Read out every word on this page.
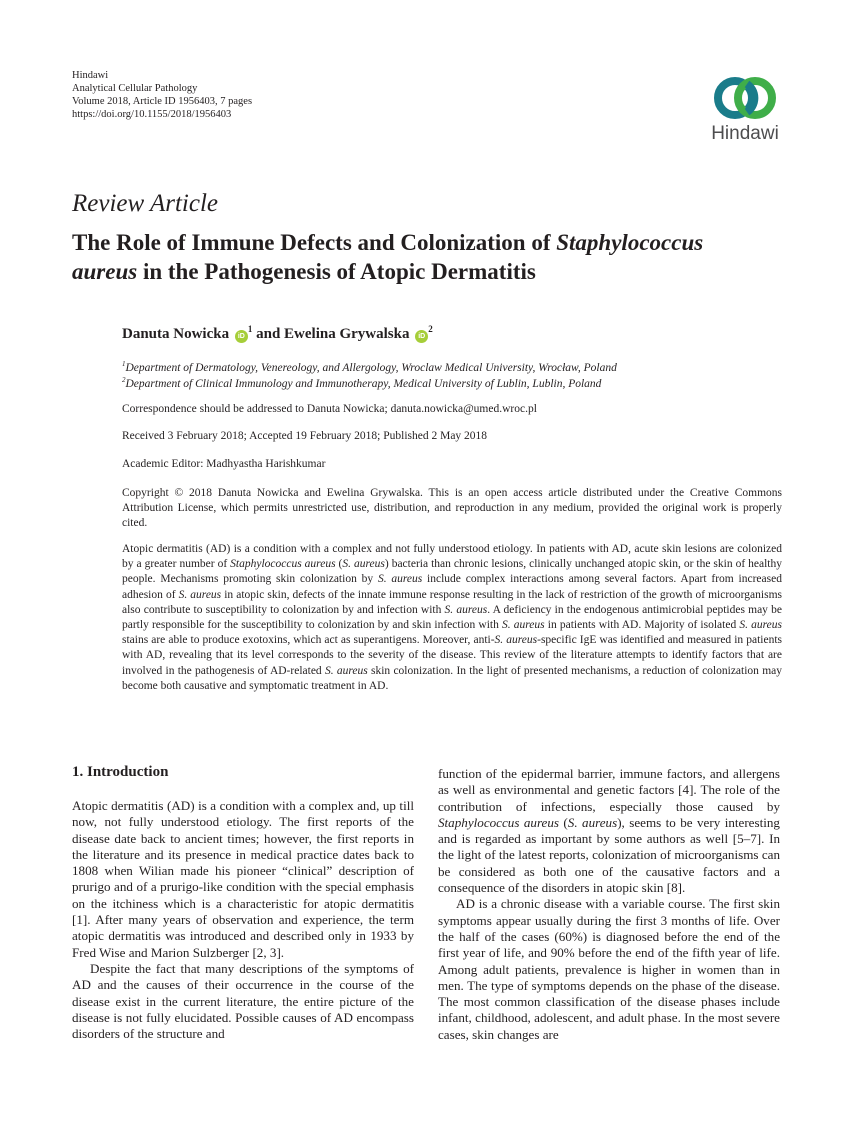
Hindawi
Analytical Cellular Pathology
Volume 2018, Article ID 1956403, 7 pages
https://doi.org/10.1155/2018/1956403
Hindawi
Review Article
The Role of Immune Defects and Colonization of Staphylococcus
aureus in the Pathogenesis of Atopic Dermatitis
Danuta Nowicka $iD^1$ and Ewelina Grywalska $iD^2$
$^1$Department of Dermatology, Venereology, and Allergology, Wroclaw Medical University, Wrocław, Poland
$^2$Department of Clinical Immunology and Immunotherapy, Medical University of Lublin, Lublin, Poland
Correspondence should be addressed to Danuta Nowicka; danuta.nowicka@umed.wroc.pl
Received 3 February 2018; Accepted 19 February 2018; Published 2 May 2018
Academic Editor: Madhyastha Harishkumar
Copyright © 2018 Danuta Nowicka and Ewelina Grywalska. This is an open access article distributed under the Creative Commons Attribution License, which permits unrestricted use, distribution, and reproduction in any medium, provided the original work is properly cited.
Atopic dermatitis (AD) is a condition with a complex and not fully understood etiology. In patients with AD, acute skin lesions are colonized by a greater number of Staphylococcus aureus (S. aureus) bacteria than chronic lesions, clinically unchanged atopic skin, or the skin of healthy people. Mechanisms promoting skin colonization by S. aureus include complex interactions among several factors. Apart from increased adhesion of S. aureus in atopic skin, defects of the innate immune response resulting in the lack of restriction of the growth of microorganisms also contribute to susceptibility to colonization by and infection with S. aureus. A deficiency in the endogenous antimicrobial peptides may be partly responsible for the susceptibility to colonization by and skin infection with S. aureus in patients with AD. Majority of isolated S. aureus stains are able to produce exotoxins, which act as superantigens. Moreover, anti-S. aureus-specific IgE was identified and measured in patients with AD, revealing that its level corresponds to the severity of the disease. This review of the literature attempts to identify factors that are involved in the pathogenesis of AD-related S. aureus skin colonization. In the light of presented mechanisms, a reduction of colonization may become both causative and symptomatic treatment in AD.
1. Introduction

Atopic dermatitis (AD) is a condition with a complex and, up till now, not fully understood etiology. The first reports of the disease date back to ancient times; however, the first reports in the literature and its presence in medical practice dates back to 1808 when Wilian made his pioneer “clinical” description of prurigo and of a prurigo-like condition with the special emphasis on the itchiness which is a characteristic for atopic dermatitis [1]. After many years of observation and experience, the term atopic dermatitis was introduced and described only in 1933 by Fred Wise and Marion Sulzberger [2, 3].

Despite the fact that many descriptions of the symptoms of AD and the causes of their occurrence in the course of the disease exist in the current literature, the entire picture of the disease is not fully elucidated. Possible causes of AD encompass disorders of the structure and

function of the epidermal barrier, immune factors, and allergens as well as environmental and genetic factors [4]. The role of the contribution of infections, especially those caused by Staphylococcus aureus (S. aureus), seems to be very interesting and is regarded as important by some authors as well [5–7]. In the light of the latest reports, colonization of microorganisms can be considered as both one of the causative factors and a consequence of the disorders in atopic skin [8].

AD is a chronic disease with a variable course. The first skin symptoms appear usually during the first 3 months of life. Over the half of the cases (60%) is diagnosed before the end of the first year of life, and 90% before the end of the fifth year of life. Among adult patients, prevalence is higher in women than in men. The type of symptoms depends on the phase of the disease. The most common classification of the disease phases include infant, childhood, adolescent, and adult phase. In the most severe cases, skin changes are
